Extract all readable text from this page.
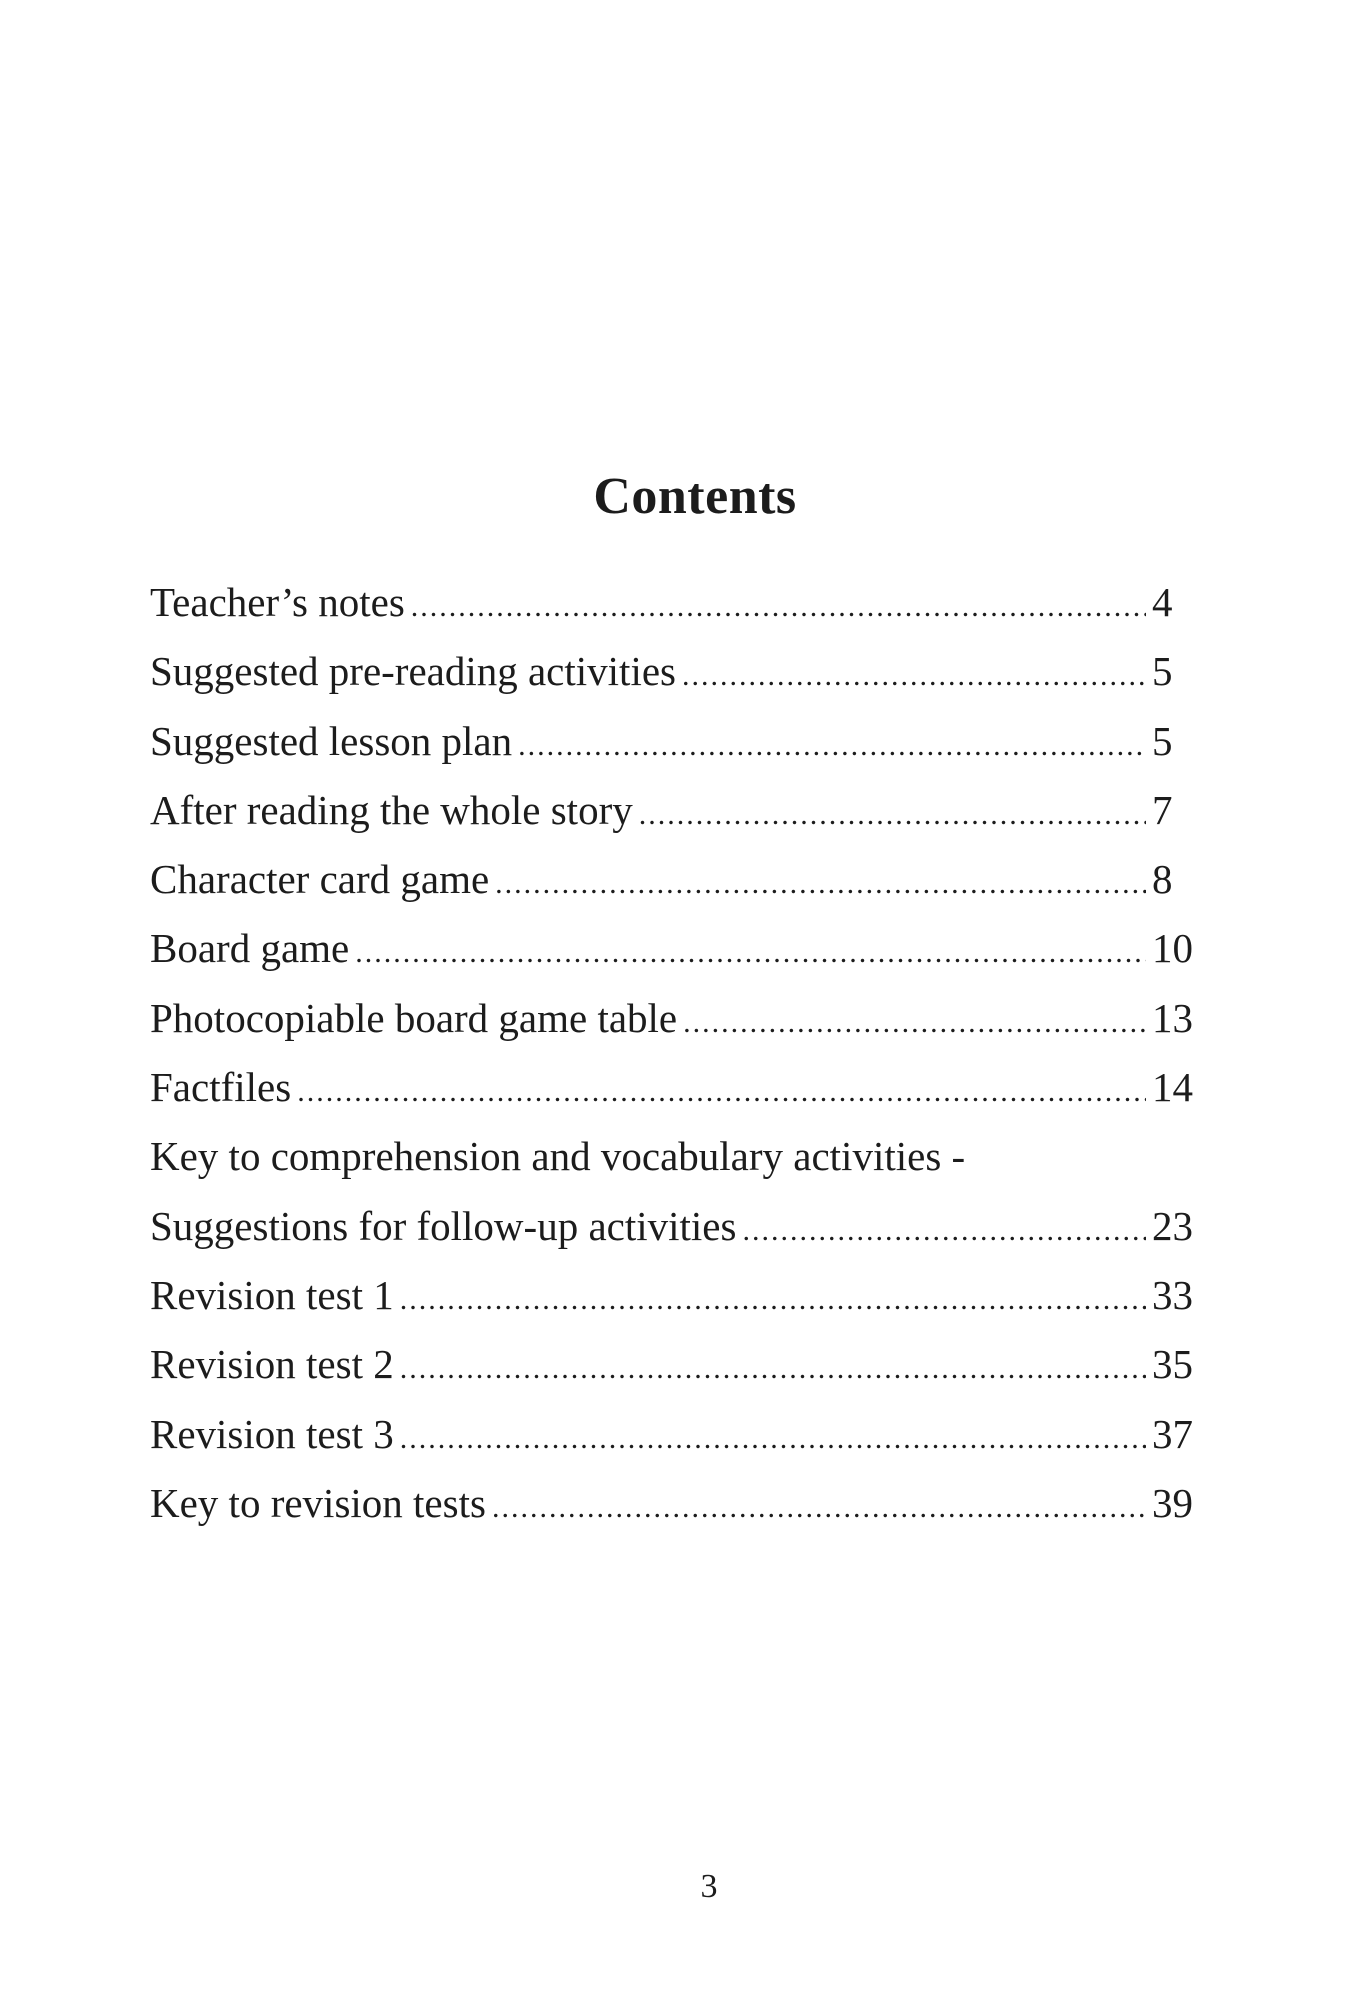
Contents
Teacher’s notes .....	4
Suggested pre-reading activities .....	5
Suggested lesson plan .....	5
After reading the whole story .....	7
Character card game .....	8
Board game .....	10
Photocopiable board game table .....	13
Factfiles .....	14
Key to comprehension and vocabulary activities -
Suggestions for follow-up activities .....	23
Revision test 1 .....	33
Revision test 2 .....	35
Revision test 3 .....	37
Key to revision tests .....	39
3
